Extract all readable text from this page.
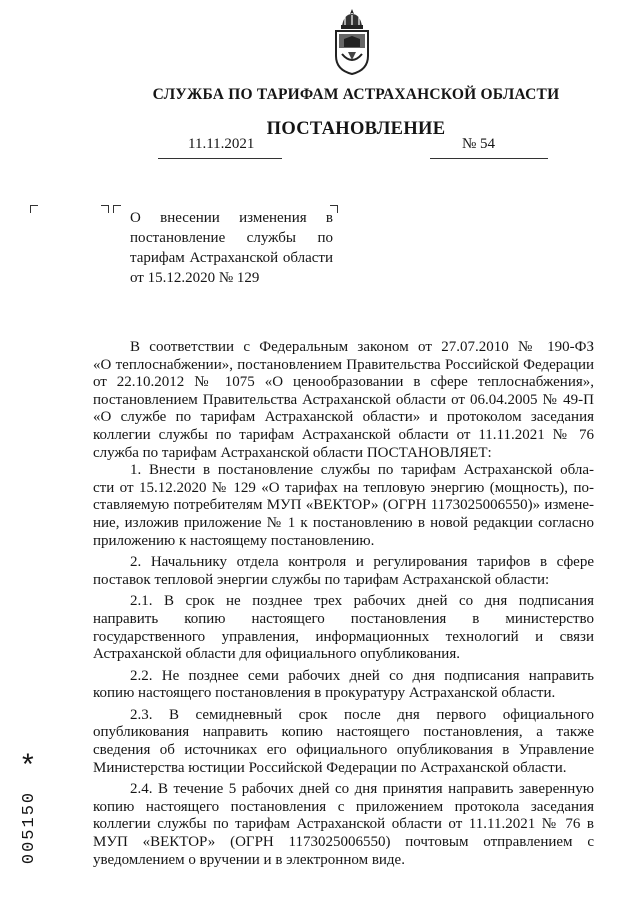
СЛУЖБА ПО ТАРИФАМ АСТРАХАНСКОЙ ОБЛАСТИ
ПОСТАНОВЛЕНИЕ
11.11.2021	№ 54
О внесении изменения в
постановление службы по
тарифам Астраханской области
от 15.12.2020 № 129

В соответствии с Федеральным законом от 27.07.2010 № 190-ФЗ

«О теплоснабжении», постановлением Правительства Российской Федерации

от 22.10.2012 № 1075 «О ценообразовании в сфере теплоснабжения»,

постановлением Правительства Астраханской области от 06.04.2005 № 49-П

«О службе по тарифам Астраханской области» и протоколом заседания

коллегии службы по тарифам Астраханской области от 11.11.2021 № 76

служба по тарифам Астраханской области ПОСТАНОВЛЯЕТ:

1. Внести в постановление службы по тарифам Астраханской обла-

сти от 15.12.2020 № 129 «О тарифах на тепловую энергию (мощность), по-

ставляемую потребителям МУП «ВЕКТОР» (ОГРН 1173025006550)» измене-

ние, изложив приложение № 1 к постановлению в новой редакции согласно

приложению к настоящему постановлению.

2. Начальнику отдела контроля и регулирования тарифов в сфере

поставок тепловой энергии службы по тарифам Астраханской области:

2.1. В срок не позднее трех рабочих дней со дня подписания

направить копию настоящего постановления в министерство

государственного управления, информационных технологий и связи

Астраханской области для официального опубликования.

2.2. Не позднее семи рабочих дней со дня подписания направить

копию настоящего постановления в прокуратуру Астраханской области.

2.3. В семидневный срок после дня первого официального

опубликования направить копию настоящего постановления, а также

сведения об источниках его официального опубликования в Управление

Министерства юстиции Российской Федерации по Астраханской области.

2.4. В течение 5 рабочих дней со дня принятия направить заверенную

копию настоящего постановления с приложением протокола заседания

коллегии службы по тарифам Астраханской области от 11.11.2021 № 76 в

МУП «ВЕКТОР» (ОГРН 1173025006550) почтовым отправлением с

уведомлением о вручении и в электронном виде.

*
005150
